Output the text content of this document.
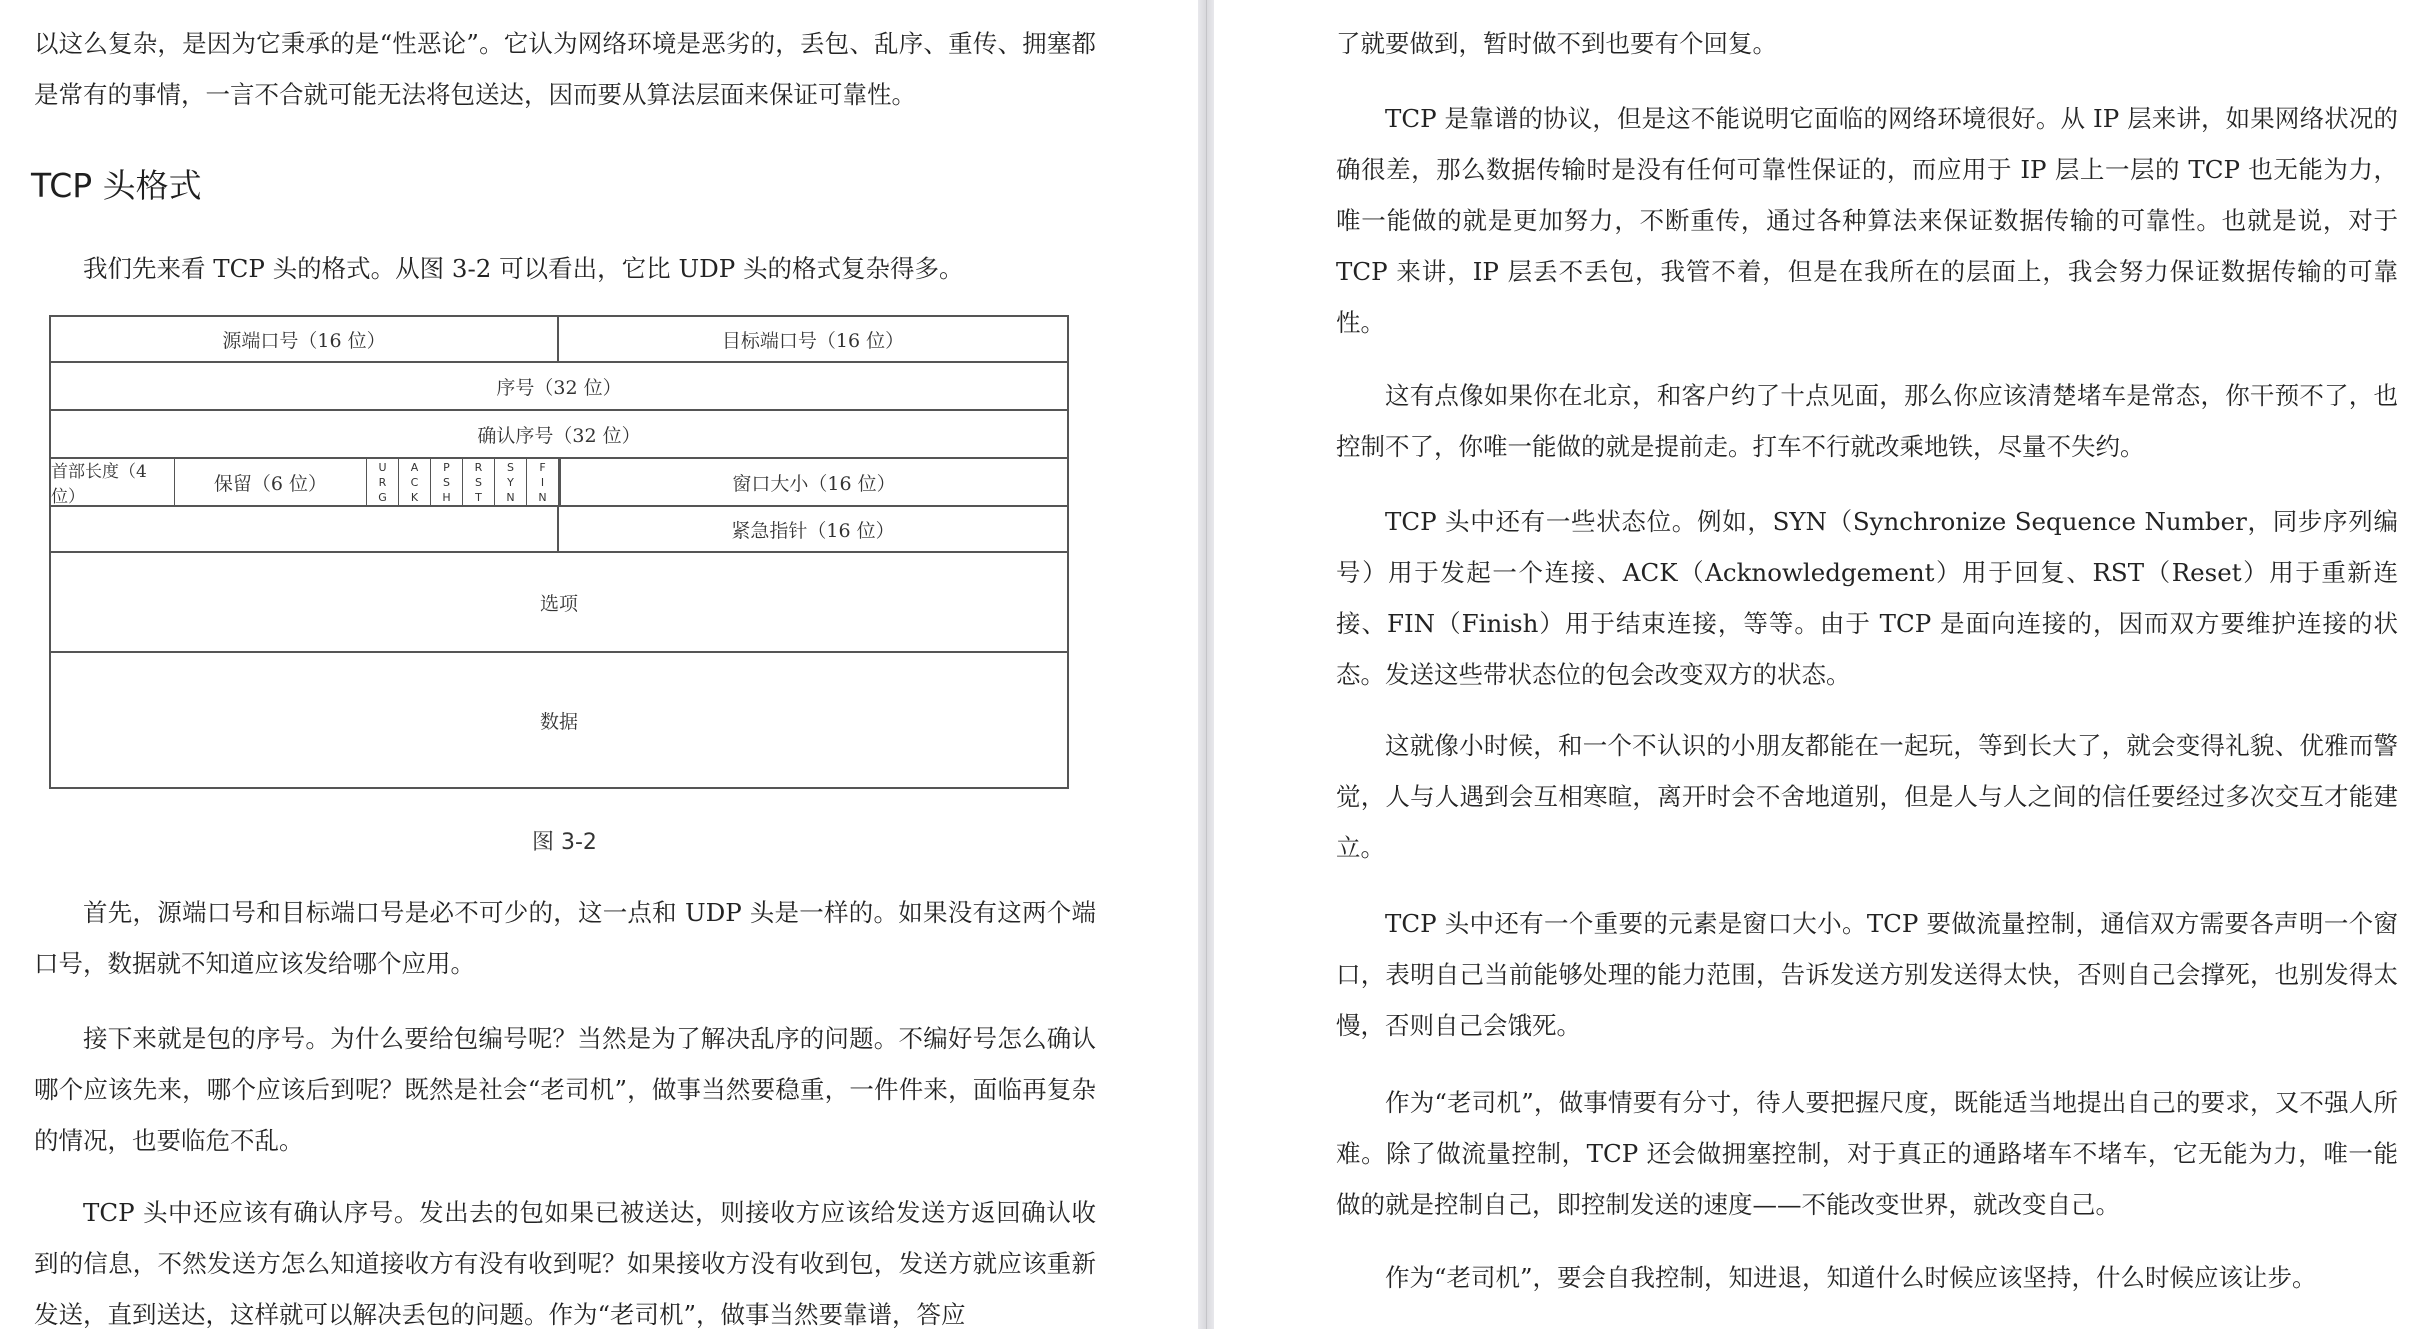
以这么复杂，是因为它秉承的是“性恶论”。它认为网络环境是恶劣的，丢包、乱序、重传、拥塞都是常有的事情，一言不合就可能无法将包送达，因而要从算法层面来保证可靠性。
TCP 头格式
我们先来看 TCP 头的格式。从图 3-2 可以看出，它比 UDP 头的格式复杂得多。
源端口号（16 位）	目标端口号（16 位）
序号（32 位）
确认序号（32 位）
首部长度（4 位）
保留（6 位）
U
R
G
A
C
K
P
S
H
R
S
T
S
Y
N
F
I
N
窗口大小（16 位）
紧急指针（16 位）
选项
数据
图 3-2
首先，源端口号和目标端口号是必不可少的，这一点和 UDP 头是一样的。如果没有这两个端口号，数据就不知道应该发给哪个应用。
接下来就是包的序号。为什么要给包编号呢？当然是为了解决乱序的问题。不编好号怎么确认哪个应该先来，哪个应该后到呢？既然是社会“老司机”，做事当然要稳重，一件件来，面临再复杂的情况，也要临危不乱。
TCP 头中还应该有确认序号。发出去的包如果已被送达，则接收方应该给发送方返回确认收到的信息，不然发送方怎么知道接收方有没有收到呢？如果接收方没有收到包，发送方就应该重新发送，直到送达，这样就可以解决丢包的问题。作为“老司机”，做事当然要靠谱，答应
了就要做到，暂时做不到也要有个回复。
TCP 是靠谱的协议，但是这不能说明它面临的网络环境很好。从 IP 层来讲，如果网络状况的确很差，那么数据传输时是没有任何可靠性保证的，而应用于 IP 层上一层的 TCP 也无能为力，唯一能做的就是更加努力，不断重传，通过各种算法来保证数据传输的可靠性。也就是说，对于 TCP 来讲，IP 层丢不丢包，我管不着，但是在我所在的层面上，我会努力保证数据传输的可靠性。
这有点像如果你在北京，和客户约了十点见面，那么你应该清楚堵车是常态，你干预不了，也控制不了，你唯一能做的就是提前走。打车不行就改乘地铁，尽量不失约。
TCP 头中还有一些状态位。例如，SYN（Synchronize Sequence Number，同步序列编号）用于发起一个连接、ACK（Acknowledgement）用于回复、RST（Reset）用于重新连接、FIN（Finish）用于结束连接，等等。由于 TCP 是面向连接的，因而双方要维护连接的状态。发送这些带状态位的包会改变双方的状态。
这就像小时候，和一个不认识的小朋友都能在一起玩，等到长大了，就会变得礼貌、优雅而警觉，人与人遇到会互相寒暄，离开时会不舍地道别，但是人与人之间的信任要经过多次交互才能建立。
TCP 头中还有一个重要的元素是窗口大小。TCP 要做流量控制，通信双方需要各声明一个窗口，表明自己当前能够处理的能力范围，告诉发送方别发送得太快，否则自己会撑死，也别发得太慢，否则自己会饿死。
作为“老司机”，做事情要有分寸，待人要把握尺度，既能适当地提出自己的要求，又不强人所难。除了做流量控制，TCP 还会做拥塞控制，对于真正的通路堵车不堵车，它无能为力，唯一能做的就是控制自己，即控制发送的速度——不能改变世界，就改变自己。
作为“老司机”，要会自我控制，知进退，知道什么时候应该坚持，什么时候应该让步。
